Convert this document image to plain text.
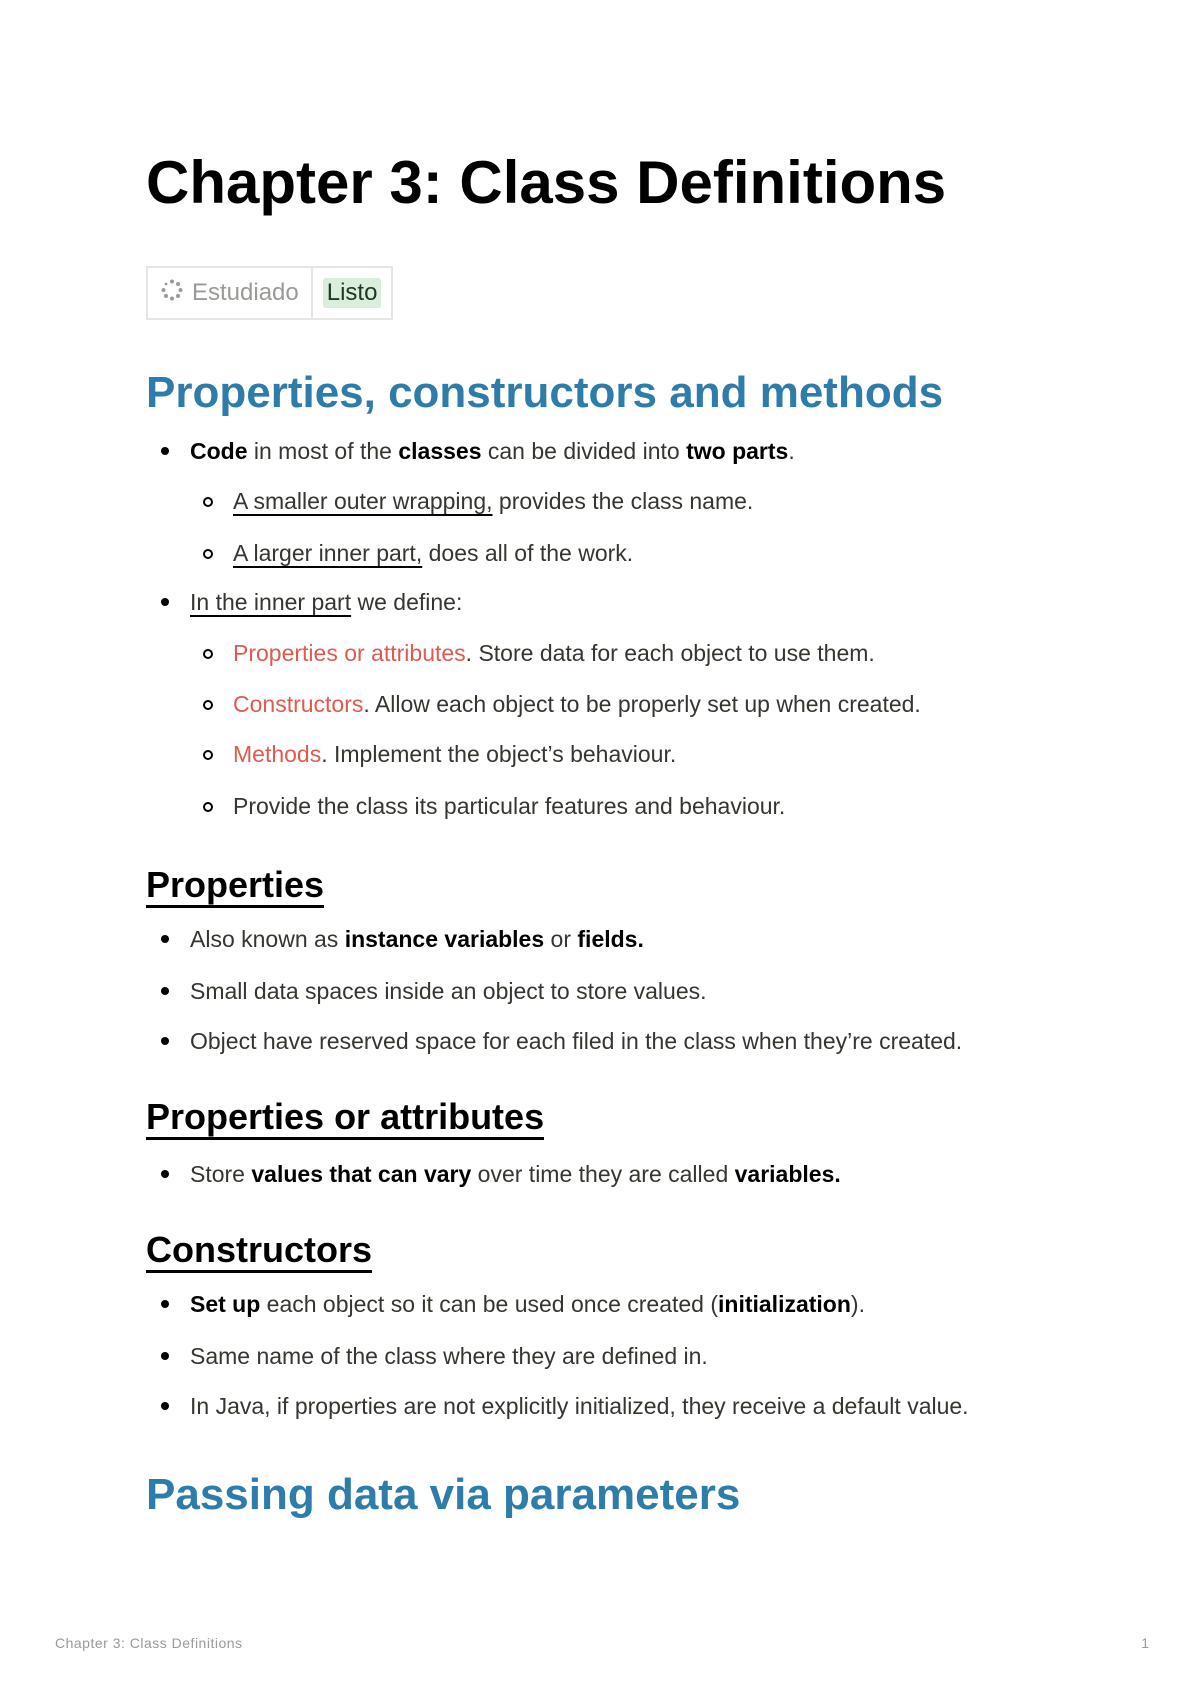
Chapter 3: Class Definitions
Estudiado Listo
Properties, constructors and methods
Code in most of the classes can be divided into two parts.
A smaller outer wrapping, provides the class name.
A larger inner part, does all of the work.
In the inner part we define:
Properties or attributes. Store data for each object to use them.
Constructors. Allow each object to be properly set up when created.
Methods. Implement the object’s behaviour.
Provide the class its particular features and behaviour.
Properties
Also known as instance variables or fields.
Small data spaces inside an object to store values.
Object have reserved space for each filed in the class when they’re created.
Properties or attributes
Store values that can vary over time they are called variables.
Constructors
Set up each object so it can be used once created (initialization).
Same name of the class where they are defined in.
In Java, if properties are not explicitly initialized, they receive a default value.
Passing data via parameters
Chapter 3: Class Definitions	1
